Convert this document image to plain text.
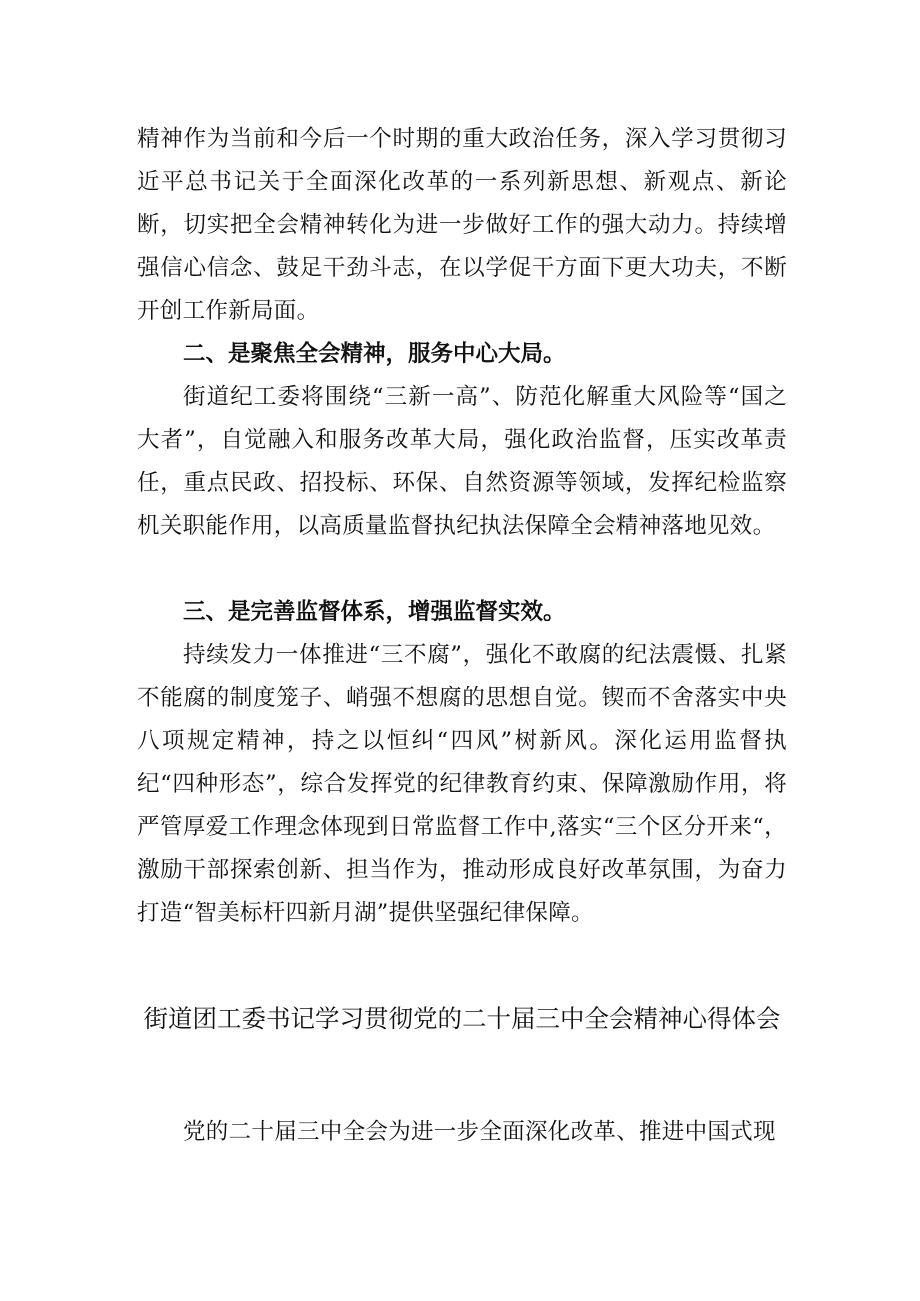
精神作为当前和今后一个时期的重大政治任务，深入学习贯彻习近平总书记关于全面深化改革的一系列新思想、新观点、新论断，切实把全会精神转化为进一步做好工作的强大动力。持续增强信心信念、鼓足干劲斗志，在以学促干方面下更大功夫，不断开创工作新局面。

二、是聚焦全会精神，服务中心大局。

街道纪工委将围绕“三新一高”、防范化解重大风险等“国之大者”，自觉融入和服务改革大局，强化政治监督，压实改革责任，重点民政、招投标、环保、自然资源等领域，发挥纪检监察机关职能作用，以高质量监督执纪执法保障全会精神落地见效。

三、是完善监督体系，增强监督实效。

持续发力一体推进“三不腐”，强化不敢腐的纪法震慑、扎紧不能腐的制度笼子、峭强不想腐的思想自觉。锲而不舍落实中央八项规定精神，持之以恒纠“四风”树新风。深化运用监督执纪“四种形态”，综合发挥党的纪律教育约束、保障激励作用，将严管厚爱工作理念体现到日常监督工作中,落实“三个区分开来“，激励干部探索创新、担当作为，推动形成良好改革氛围，为奋力打造“智美标杆四新月湖”提供坚强纪律保障。

街道团工委书记学习贯彻党的二十届三中全会精神心得体会

党的二十届三中全会为进一步全面深化改革、推进中国式现
